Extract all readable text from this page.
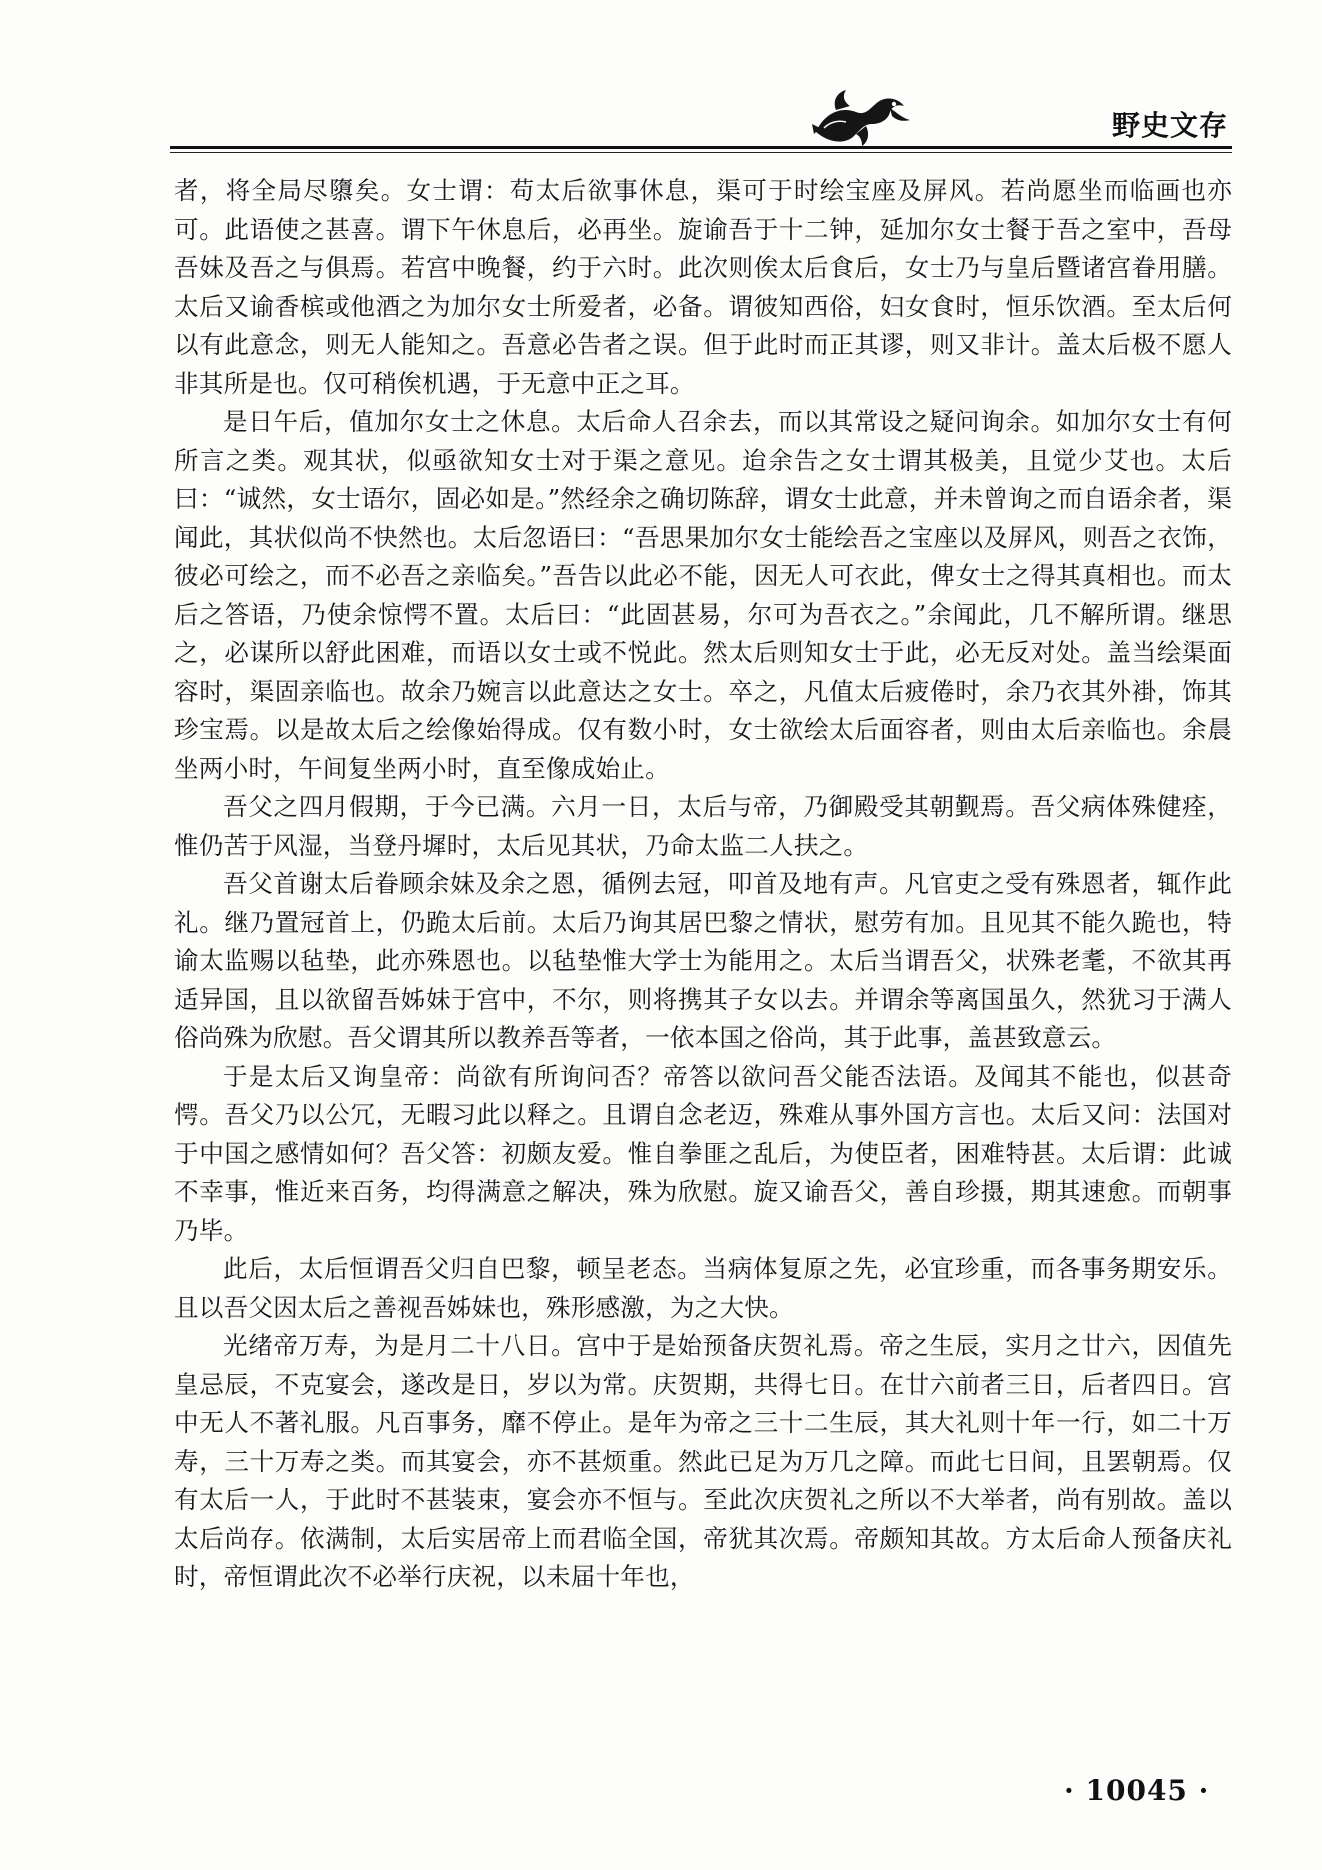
野史文存

者，将全局尽隳矣。女士谓：苟太后欲事休息，渠可于时绘宝座及屏风。若尚愿坐而临画也亦可。此语使之甚喜。谓下午休息后，必再坐。旋谕吾于十二钟，延加尔女士餐于吾之室中，吾母吾妹及吾之与俱焉。若宫中晚餐，约于六时。此次则俟太后食后，女士乃与皇后暨诸宫眷用膳。太后又谕香槟或他酒之为加尔女士所爱者，必备。谓彼知西俗，妇女食时，恒乐饮酒。至太后何以有此意念，则无人能知之。吾意必告者之误。但于此时而正其谬，则又非计。盖太后极不愿人非其所是也。仅可稍俟机遇，于无意中正之耳。

是日午后，值加尔女士之休息。太后命人召余去，而以其常设之疑问询余。如加尔女士有何所言之类。观其状，似亟欲知女士对于渠之意见。迨余告之女士谓其极美，且觉少艾也。太后曰：“诚然，女士语尔，固必如是。”然经余之确切陈辞，谓女士此意，并未曾询之而自语余者，渠闻此，其状似尚不快然也。太后忽语曰：“吾思果加尔女士能绘吾之宝座以及屏风，则吾之衣饰，彼必可绘之，而不必吾之亲临矣。”吾告以此必不能，因无人可衣此，俾女士之得其真相也。而太后之答语，乃使余惊愕不置。太后曰：“此固甚易，尔可为吾衣之。”余闻此，几不解所谓。继思之，必谋所以舒此困难，而语以女士或不悦此。然太后则知女士于此，必无反对处。盖当绘渠面容时，渠固亲临也。故余乃婉言以此意达之女士。卒之，凡值太后疲倦时，余乃衣其外褂，饰其珍宝焉。以是故太后之绘像始得成。仅有数小时，女士欲绘太后面容者，则由太后亲临也。余晨坐两小时，午间复坐两小时，直至像成始止。

吾父之四月假期，于今已满。六月一日，太后与帝，乃御殿受其朝觐焉。吾父病体殊健痊，惟仍苦于风湿，当登丹墀时，太后见其状，乃命太监二人扶之。

吾父首谢太后眷顾余妹及余之恩，循例去冠，叩首及地有声。凡官吏之受有殊恩者，辄作此礼。继乃置冠首上，仍跪太后前。太后乃询其居巴黎之情状，慰劳有加。且见其不能久跪也，特谕太监赐以毡垫，此亦殊恩也。以毡垫惟大学士为能用之。太后当谓吾父，状殊老耄，不欲其再适异国，且以欲留吾姊妹于宫中，不尔，则将携其子女以去。并谓余等离国虽久，然犹习于满人俗尚殊为欣慰。吾父谓其所以教养吾等者，一依本国之俗尚，其于此事，盖甚致意云。

于是太后又询皇帝：尚欲有所询问否？帝答以欲问吾父能否法语。及闻其不能也，似甚奇愕。吾父乃以公冗，无暇习此以释之。且谓自念老迈，殊难从事外国方言也。太后又问：法国对于中国之感情如何？吾父答：初颇友爱。惟自拳匪之乱后，为使臣者，困难特甚。太后谓：此诚不幸事，惟近来百务，均得满意之解决，殊为欣慰。旋又谕吾父，善自珍摄，期其速愈。而朝事乃毕。

此后，太后恒谓吾父归自巴黎，顿呈老态。当病体复原之先，必宜珍重，而各事务期安乐。且以吾父因太后之善视吾姊妹也，殊形感激，为之大快。

光绪帝万寿，为是月二十八日。宫中于是始预备庆贺礼焉。帝之生辰，实月之廿六，因值先皇忌辰，不克宴会，遂改是日，岁以为常。庆贺期，共得七日。在廿六前者三日，后者四日。宫中无人不著礼服。凡百事务，靡不停止。是年为帝之三十二生辰，其大礼则十年一行，如二十万寿，三十万寿之类。而其宴会，亦不甚烦重。然此已足为万几之障。而此七日间，且罢朝焉。仅有太后一人，于此时不甚装束，宴会亦不恒与。至此次庆贺礼之所以不大举者，尚有别故。盖以太后尚存。依满制，太后实居帝上而君临全国，帝犹其次焉。帝颇知其故。方太后命人预备庆礼时，帝恒谓此次不必举行庆祝，以未届十年也，

· 10045 ·
